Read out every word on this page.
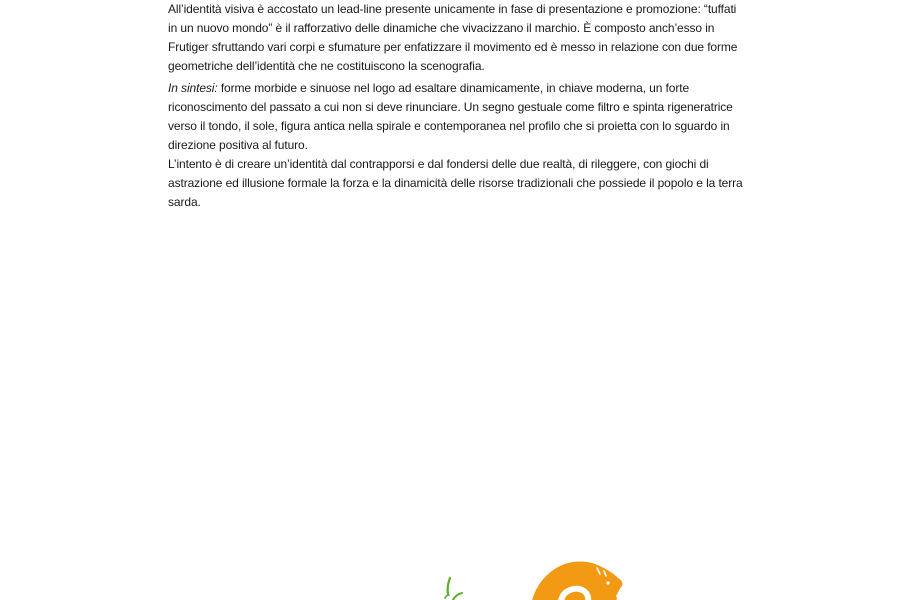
All’identità visiva è accostato un lead-line presente unicamente in fase di presentazione e promozione: “tuffati in un nuovo mondo” è il rafforzativo delle dinamiche che vivacizzano il marchio. È composto anch’esso in Frutiger sfruttando vari corpi e sfumature per enfatizzare il movimento ed è messo in relazione con due forme geometriche dell’identità che ne costituiscono la scenografia.

In sintesi: forme morbide e sinuose nel logo ad esaltare dinamicamente, in chiave moderna, un forte riconoscimento del passato a cui non si deve rinunciare. Un segno gestuale come filtro e spinta rigeneratrice verso il tondo, il sole, figura antica nella spirale e contemporanea nel profilo che si proietta con lo sguardo in direzione positiva al futuro.

L’intento è di creare un’identità dal contrapporsi e dal fondersi delle due realtà, di rileggere, con giochi di astrazione ed illusione formale la forza e la dinamicità delle risorse tradizionali che possiede il popolo e la terra sarda.
